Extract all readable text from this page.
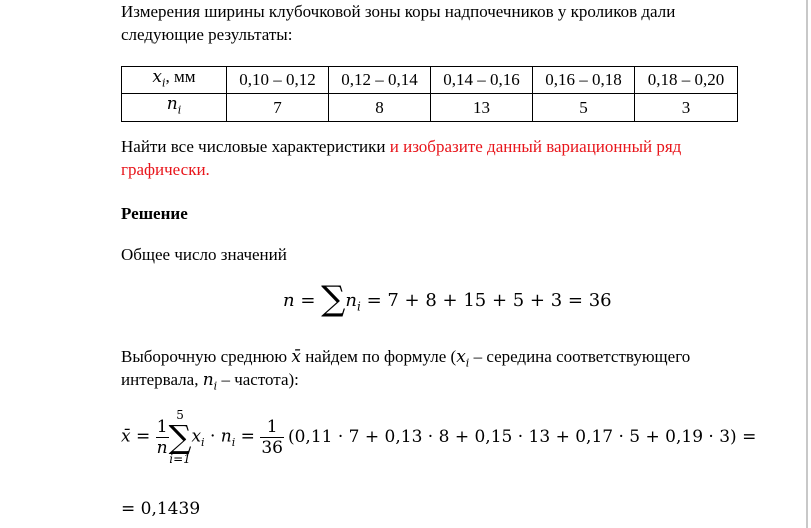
Измерения ширины клубочковой зоны коры надпочечников у кроликов дали

следующие результаты:

$x_i$, мм	0,10 – 0,12	0,12 – 0,14	0,14 – 0,16	0,16 – 0,18	0,18 – 0,20
$n_i$	7	8	13	5	3

Найти все числовые характеристики и изобразите данный вариационный ряд

графически.

Решение

Общее число значений

$n = \sum n_i = 7 + 8 + 15 + 5 + 3 = 36$

Выборочную среднюю x̄ найдем по формуле ($x_i$ – середина соответствующего

интервала, $n_i$ – частота):

x̄ = $\frac{1}{n}$
5
∑
i=1
$x_i \cdot n_i = \frac{1}{36} (0,11 \cdot 7 + 0,13 \cdot 8 + 0,15 \cdot 13 + 0,17 \cdot 5 + 0,19 \cdot 3)$ =
= 0,1439
